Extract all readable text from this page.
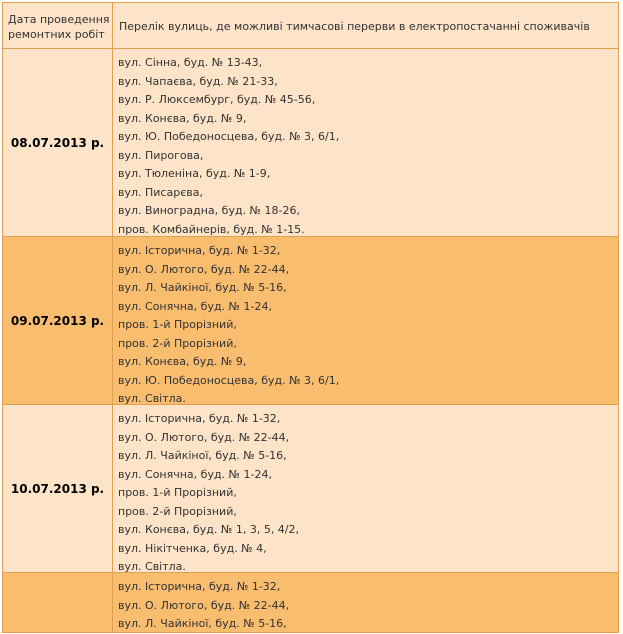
Дата проведення
ремонтних робіт
Перелік вулиць, де можливі тимчасові перерви в електропостачанні споживачів
08.07.2013 р.
вул. Сінна, буд. № 13-43,
вул. Чапаєва, буд. № 21-33,
вул. Р. Люксембург, буд. № 45-56,
вул. Конєва, буд. № 9,
вул. Ю. Победоносцева, буд. № 3, 6/1,
вул. Пирогова,
вул. Тюленіна, буд. № 1-9,
вул. Писарєва,
вул. Виноградна, буд. № 18-26,
пров. Комбайнерів, буд. № 1-15.
09.07.2013 р.
вул. Історична, буд. № 1-32,
вул. О. Лютого, буд. № 22-44,
вул. Л. Чайкіної, буд. № 5-16,
вул. Сонячна, буд. № 1-24,
пров. 1-й Прорізний,
пров. 2-й Прорізний,
вул. Конєва, буд. № 9,
вул. Ю. Победоносцева, буд. № 3, 6/1,
вул. Світла.
10.07.2013 р.
вул. Історична, буд. № 1-32,
вул. О. Лютого, буд. № 22-44,
вул. Л. Чайкіної, буд. № 5-16,
вул. Сонячна, буд. № 1-24,
пров. 1-й Прорізний,
пров. 2-й Прорізний,
вул. Конєва, буд. № 1, 3, 5, 4/2,
вул. Нікітченка, буд. № 4,
вул. Світла.
вул. Історична, буд. № 1-32,
вул. О. Лютого, буд. № 22-44,
вул. Л. Чайкіної, буд. № 5-16,
